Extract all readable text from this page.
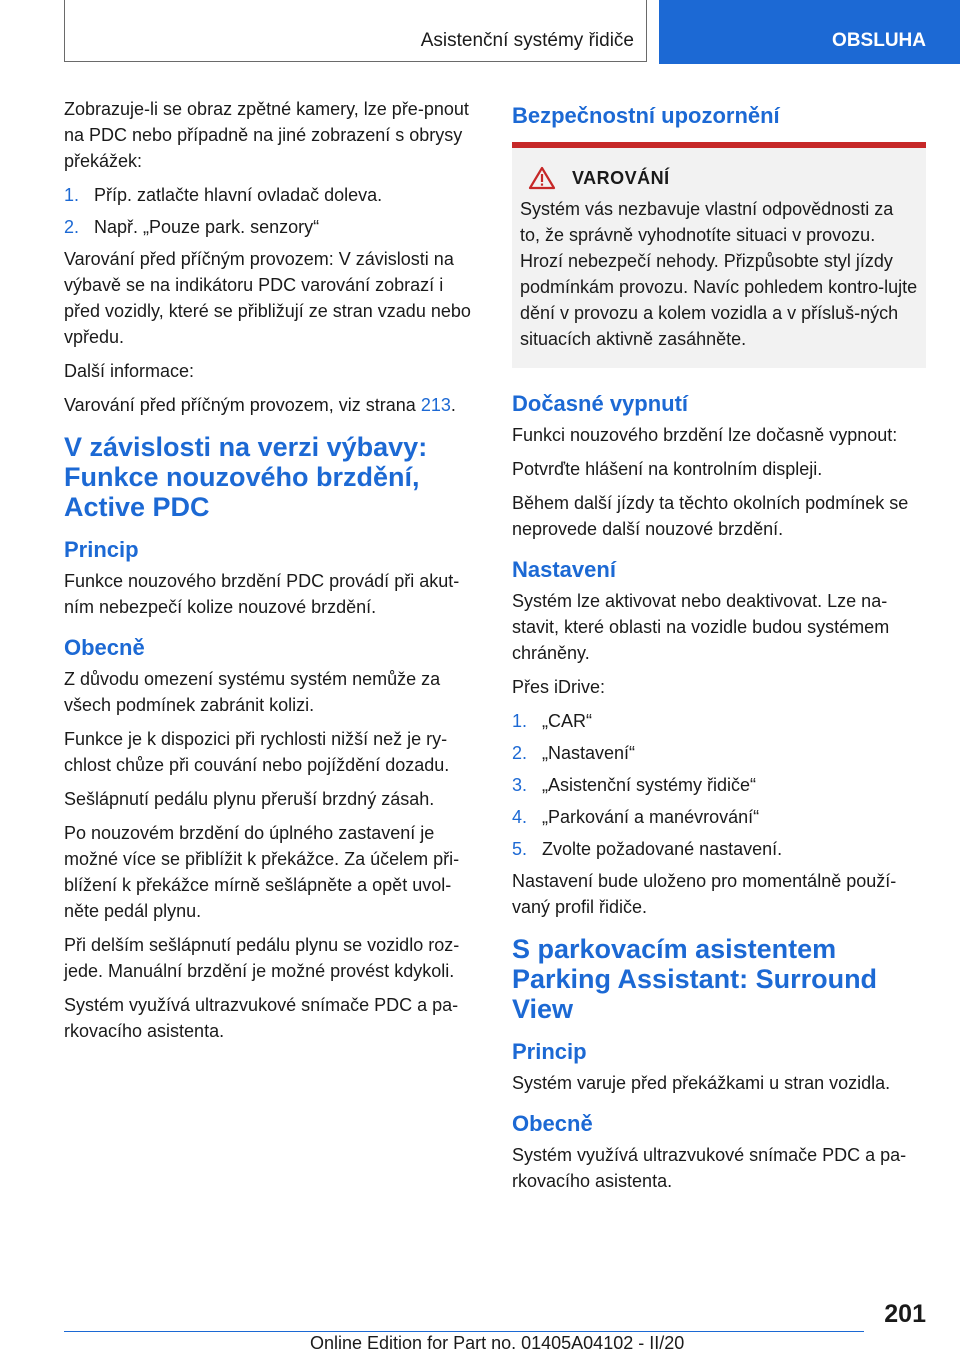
Asistenční systémy řidiče	OBSLUHA

Zobrazuje-li se obraz zpětné kamery, lze pře-pnout na PDC nebo případně na jiné zobrazení s obrysy překážek:

1. Příp. zatlačte hlavní ovladač doleva.
2. Např. „Pouze park. senzory“

Varování před příčným provozem: V závislosti na výbavě se na indikátoru PDC varování zobrazí i před vozidly, které se přibližují ze stran vzadu nebo vpředu.

Další informace:

Varování před příčným provozem, viz strana 213.

V závislosti na verzi výbavy: Funkce nouzového brzdění, Active PDC
Princip

Funkce nouzového brzdění PDC provádí při akut-ním nebezpečí kolize nouzové brzdění.

Obecně

Z důvodu omezení systému systém nemůže za všech podmínek zabránit kolizi.

Funkce je k dispozici při rychlosti nižší než je ry-chlost chůze při couvání nebo pojíždění dozadu.

Sešlápnutí pedálu plynu přeruší brzdný zásah.

Po nouzovém brzdění do úplného zastavení je možné více se přiblížit k překážce. Za účelem při-blížení k překážce mírně sešlápněte a opět uvol-něte pedál plynu.

Při delším sešlápnutí pedálu plynu se vozidlo roz-jede. Manuální brzdění je možné provést kdykoli.

Systém využívá ultrazvukové snímače PDC a pa-rkovacího asistenta.

Bezpečnostní upozornění
VAROVÁNÍ

Systém vás nezbavuje vlastní odpovědnosti za to, že správně vyhodnotíte situaci v provozu. Hrozí nebezpečí nehody. Přizpůsobte styl jízdy podmínkám provozu. Navíc pohledem kontro-lujte dění v provozu a kolem vozidla a v přísluš-ných situacích aktivně zasáhněte.

Dočasné vypnutí

Funkci nouzového brzdění lze dočasně vypnout:

Potvrďte hlášení na kontrolním displeji.

Během další jízdy ta těchto okolních podmínek se neprovede další nouzové brzdění.

Nastavení

Systém lze aktivovat nebo deaktivovat. Lze na-stavit, které oblasti na vozidle budou systémem chráněny.

Přes iDrive:

1. „CAR“
2. „Nastavení“
3. „Asistenční systémy řidiče“
4. „Parkování a manévrování“
5. Zvolte požadované nastavení.

Nastavení bude uloženo pro momentálně použí-vaný profil řidiče.

S parkovacím asistentem Parking Assistant: Surround View
Princip

Systém varuje před překážkami u stran vozidla.

Obecně

Systém využívá ultrazvukové snímače PDC a pa-rkovacího asistenta.

201
Online Edition for Part no. 01405A04102 - II/20
